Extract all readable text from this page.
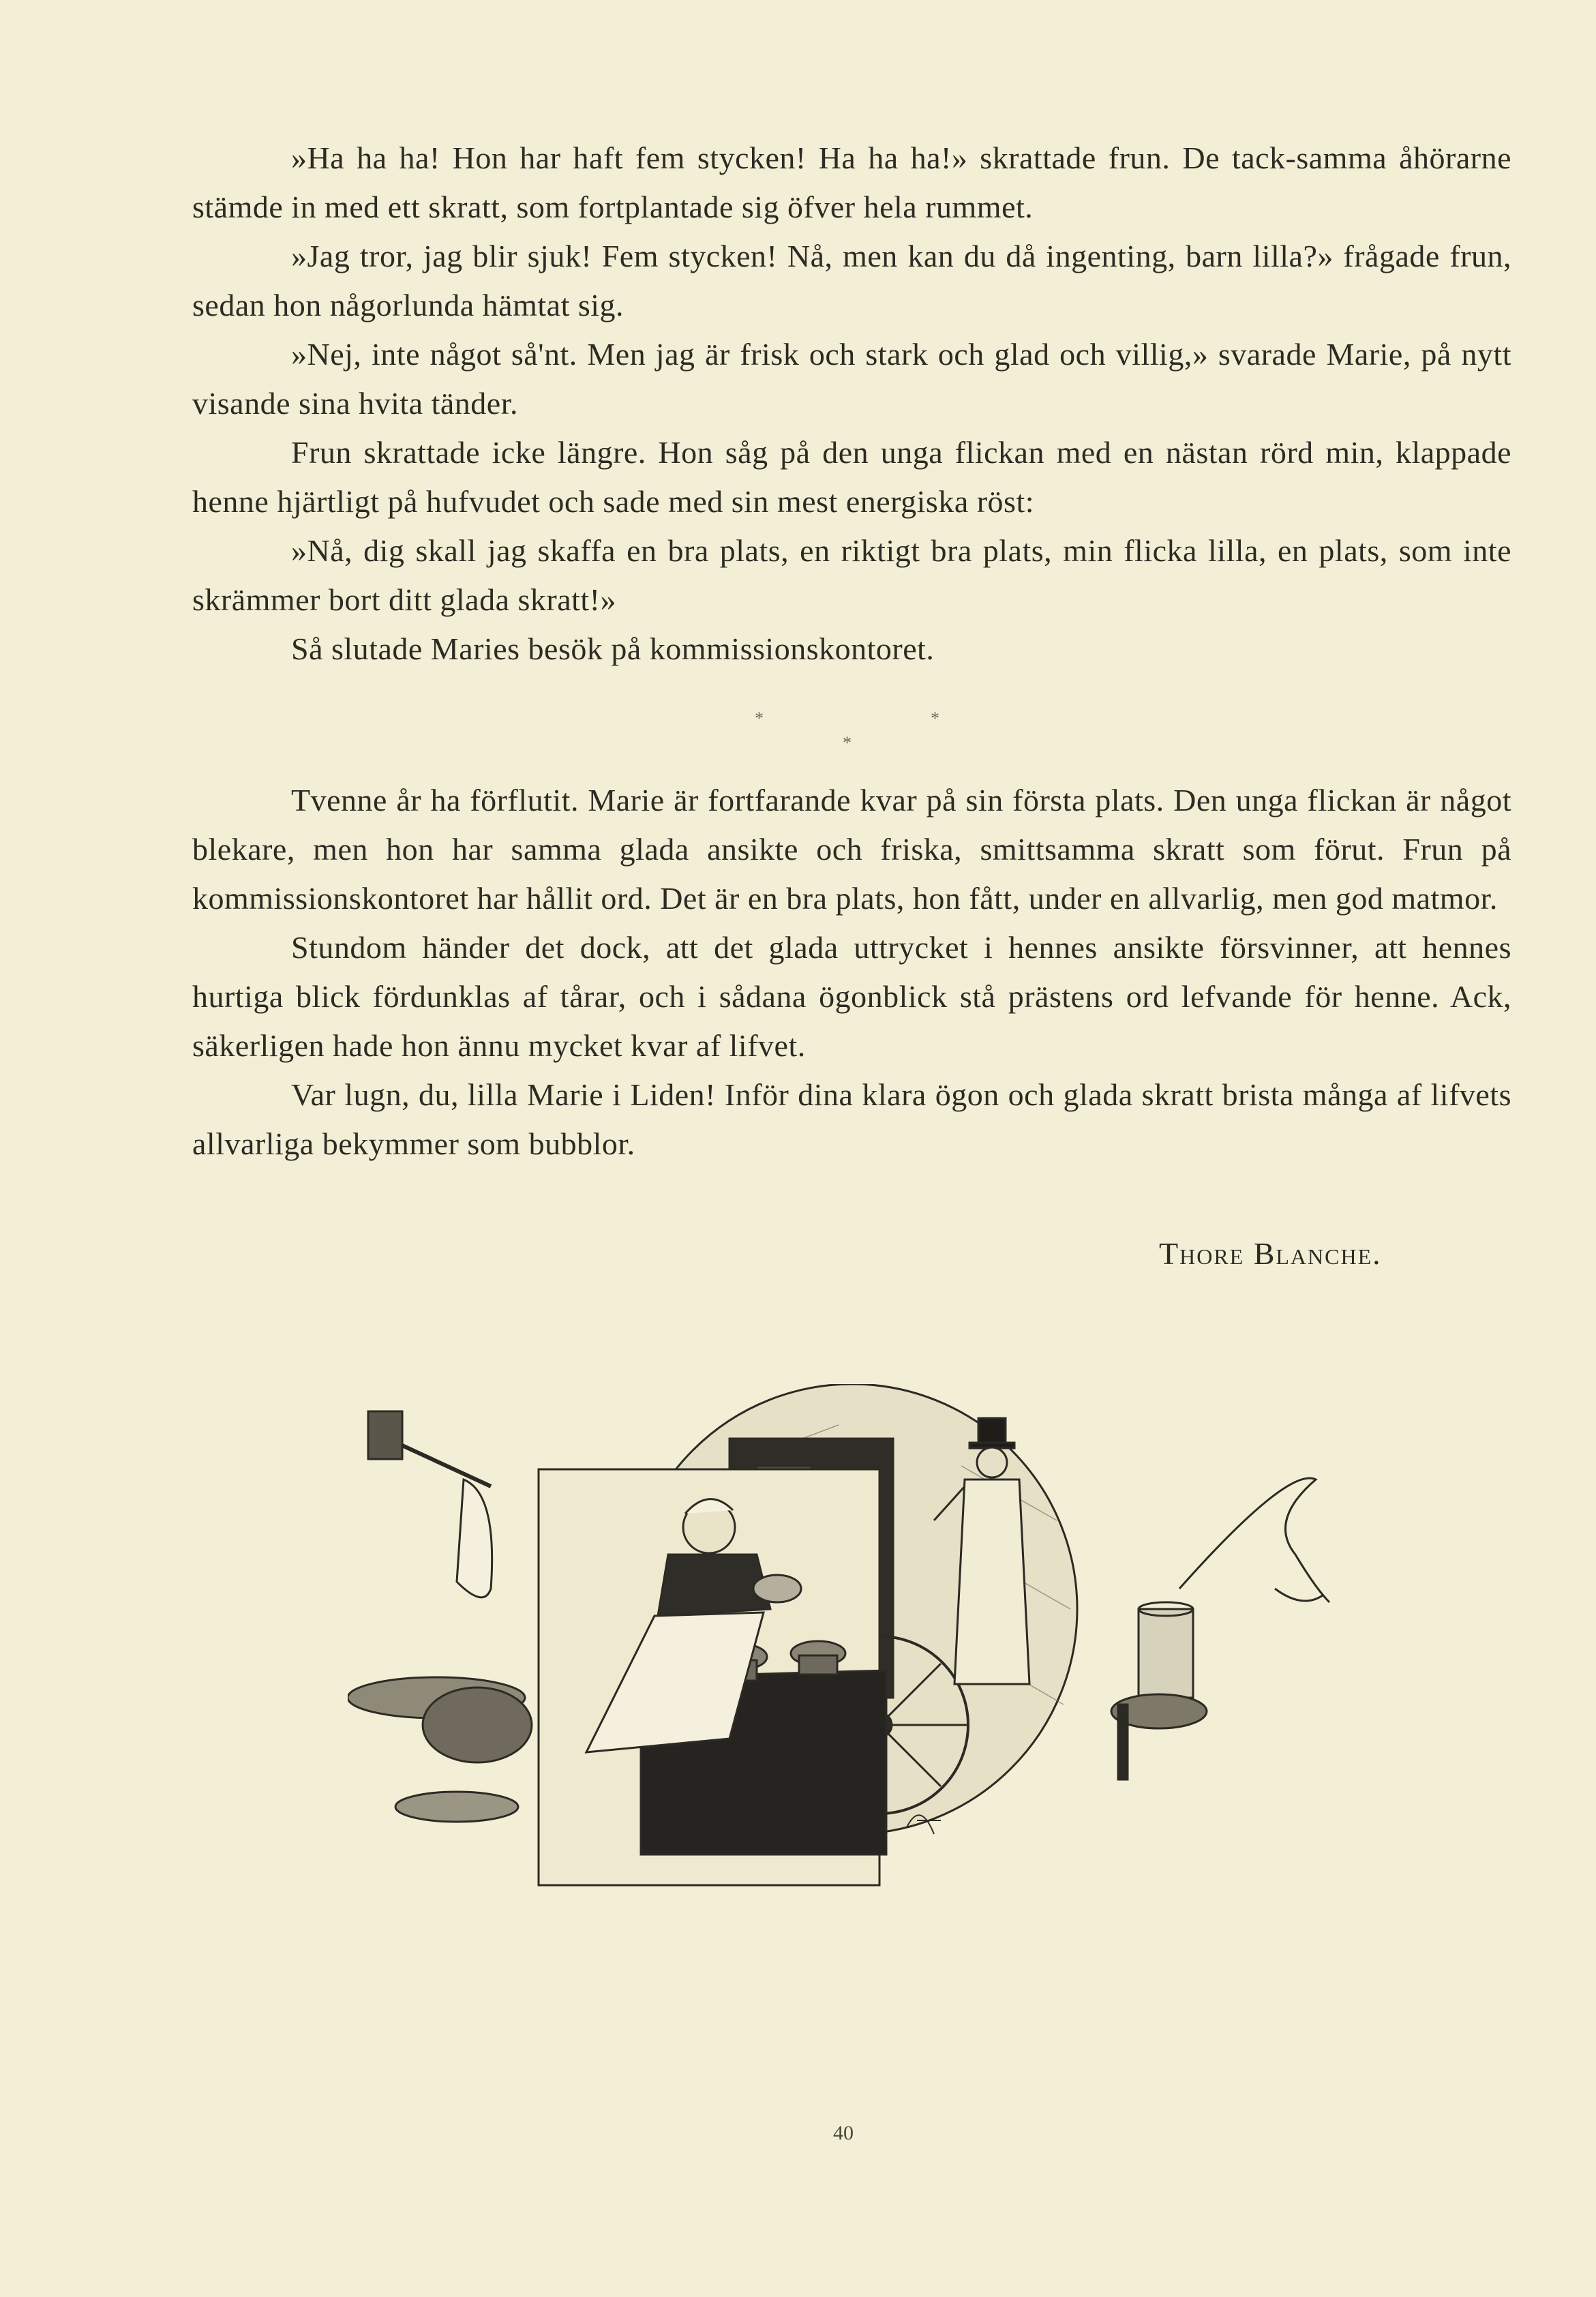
»Ha ha ha! Hon har haft fem stycken! Ha ha ha!» skrattade frun. De tack-samma åhörarne stämde in med ett skratt, som fortplantade sig öfver hela rummet.

»Jag tror, jag blir sjuk! Fem stycken! Nå, men kan du då ingenting, barn lilla?» frågade frun, sedan hon någorlunda hämtat sig.

»Nej, inte något så'nt. Men jag är frisk och stark och glad och villig,» svarade Marie, på nytt visande sina hvita tänder.

Frun skrattade icke längre. Hon såg på den unga flickan med en nästan rörd min, klappade henne hjärtligt på hufvudet och sade med sin mest energiska röst:

»Nå, dig skall jag skaffa en bra plats, en riktigt bra plats, min flicka lilla, en plats, som inte skrämmer bort ditt glada skratt!»

Så slutade Maries besök på kommissionskontoret.

*	*
*

Tvenne år ha förflutit. Marie är fortfarande kvar på sin första plats. Den unga flickan är något blekare, men hon har samma glada ansikte och friska, smittsamma skratt som förut. Frun på kommissionskontoret har hållit ord. Det är en bra plats, hon fått, under en allvarlig, men god matmor.

Stundom händer det dock, att det glada uttrycket i hennes ansikte försvinner, att hennes hurtiga blick fördunklas af tårar, och i sådana ögonblick stå prästens ord lefvande för henne. Ack, säkerligen hade hon ännu mycket kvar af lifvet.

Var lugn, du, lilla Marie i Liden! Inför dina klara ögon och glada skratt brista många af lifvets allvarliga bekymmer som bubblor.

Thore Blanche.
40
